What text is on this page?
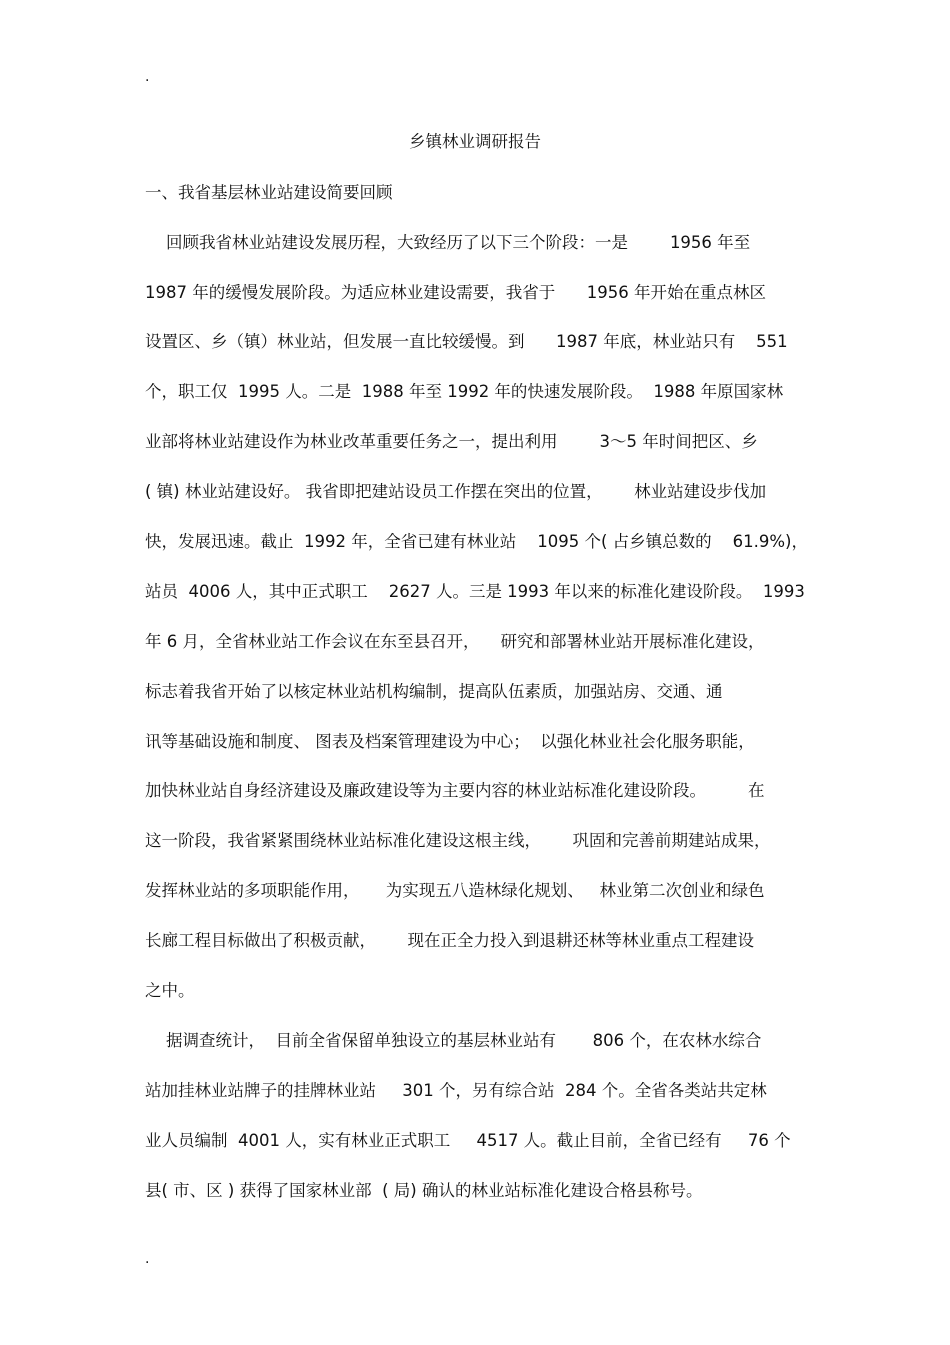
.
乡镇林业调研报告
一、我省基层林业站建设简要回顾
回顾我省林业站建设发展历程，大致经历了以下三个阶段：一是        1956 年至
1987 年的缓慢发展阶段。为适应林业建设需要，我省于      1956 年开始在重点林区
设置区、乡（镇）林业站，但发展一直比较缓慢。到      1987 年底，林业站只有    551
个，职工仅  1995 人。二是  1988 年至 1992 年的快速发展阶段。  1988 年原国家林
业部将林业站建设作为林业改革重要任务之一，提出利用        3～5 年时间把区、乡
( 镇) 林业站建设好。 我省即把建站设员工作摆在突出的位置，      林业站建设步伐加
快，发展迅速。截止  1992 年，全省已建有林业站    1095 个( 占乡镇总数的    61.9%)，
站员  4006 人，其中正式职工    2627 人。三是 1993 年以来的标准化建设阶段。  1993
年 6 月，全省林业站工作会议在东至县召开，    研究和部署林业站开展标准化建设，
标志着我省开始了以核定林业站机构编制，提高队伍素质，加强站房、交通、通
讯等基础设施和制度、 图表及档案管理建设为中心；  以强化林业社会化服务职能，
加快林业站自身经济建设及廉政建设等为主要内容的林业站标准化建设阶段。        在
这一阶段，我省紧紧围绕林业站标准化建设这根主线，      巩固和完善前期建站成果，
发挥林业站的多项职能作用，     为实现五八造林绿化规划、   林业第二次创业和绿色
长廊工程目标做出了积极贡献，      现在正全力投入到退耕还林等林业重点工程建设
之中。
据调查统计，  目前全省保留单独设立的基层林业站有       806 个，在农林水综合
站加挂林业站牌子的挂牌林业站     301 个，另有综合站  284 个。全省各类站共定林
业人员编制  4001 人，实有林业正式职工     4517 人。截止目前，全省已经有     76 个
县( 市、区 ) 获得了国家林业部  ( 局) 确认的林业站标准化建设合格县称号。
.
